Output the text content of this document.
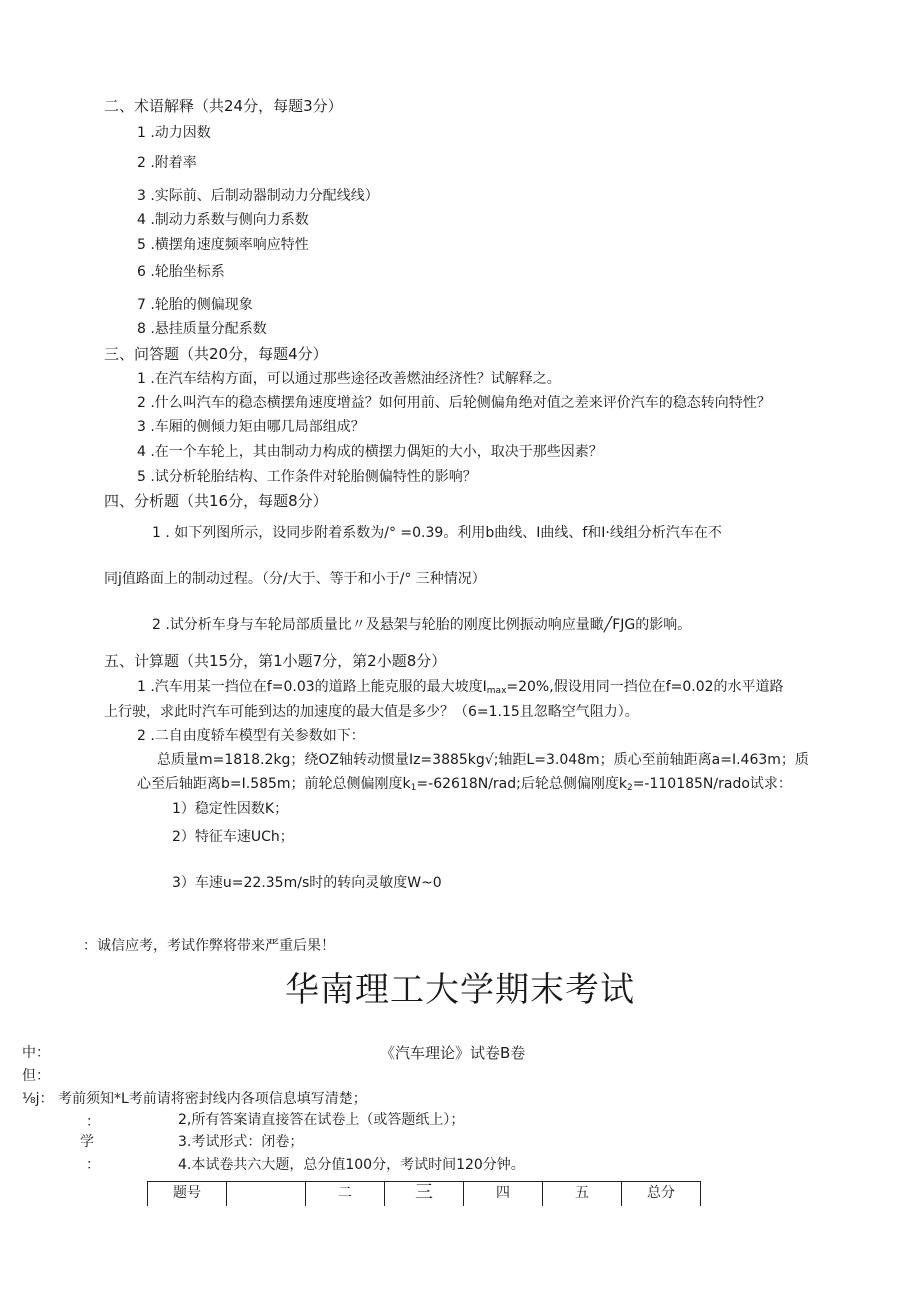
二、术语解释（共24分，每题3分）
1 .动力因数
2 .附着率
3 .实际前、后制动器制动力分配线线）
4 .制动力系数与侧向力系数
5 .横摆角速度频率响应特性
6 .轮胎坐标系
7 .轮胎的侧偏现象
8 .悬挂质量分配系数
三、问答题（共20分，每题4分）
1 .在汽车结构方面，可以通过那些途径改善燃油经济性？试解释之。
2 .什么叫汽车的稳态横摆角速度增益？如何用前、后轮侧偏角绝对值之差来评价汽车的稳态转向特性？
3 .车厢的侧倾力矩由哪几局部组成？
4 .在一个车轮上，其由制动力构成的横摆力偶矩的大小，取决于那些因素？
5 .试分析轮胎结构、工作条件对轮胎侧偏特性的影响？
四、分析题（共16分，每题8分）
1 . 如下列图所示，设同步附着系数为/° =0.39。利用b曲线、I曲线、f和I·线组分析汽车在不
同j值路面上的制动过程。（分/大于、等于和小于/° 三种情况）
2 .试分析车身与车轮局部质量比〃及悬架与轮胎的刚度比例振动响应量瞰╱FJG的影响。
五、计算题（共15分，第1小题7分，第2小题8分）
1 .汽车用某一挡位在f=0.03的道路上能克服的最大坡度$I_{max}=20\%$,假设用同一挡位在f=0.02的水平道路
上行驶，求此时汽车可能到达的加速度的最大值是多少？（6=1.15且忽略空气阻力）。
2 .二自由度轿车模型有关参数如下：
总质量m=1818.2kg；绕OZ轴转动惯量Iz=3885kg√;轴距L=3.048m；质心至前轴距离a=I.463m；质
心至后轴距离b=I.585m；前轮总侧偏刚度$k_1=-62618N∕rad$;后轮总侧偏刚度$k_2=-110185N∕rado$试求：
1）稳定性因数K；
2）特征车速UCh；
3）车速u=22.35m∕s时的转向灵敏度W~0
：诚信应考，考试作弊将带来严重后果！
华南理工大学期末考试
《汽车理论》试卷B卷
中：
但：
⅛j：
：
学
：
考前须知*L考前请将密封线内各项信息填写清楚；
2,所有答案请直接答在试卷上（或答题纸上）；
3.考试形式：闭卷；
4.本试卷共六大题，总分值100分，考试时间120分钟。
题号		二	三	四	五	总分
